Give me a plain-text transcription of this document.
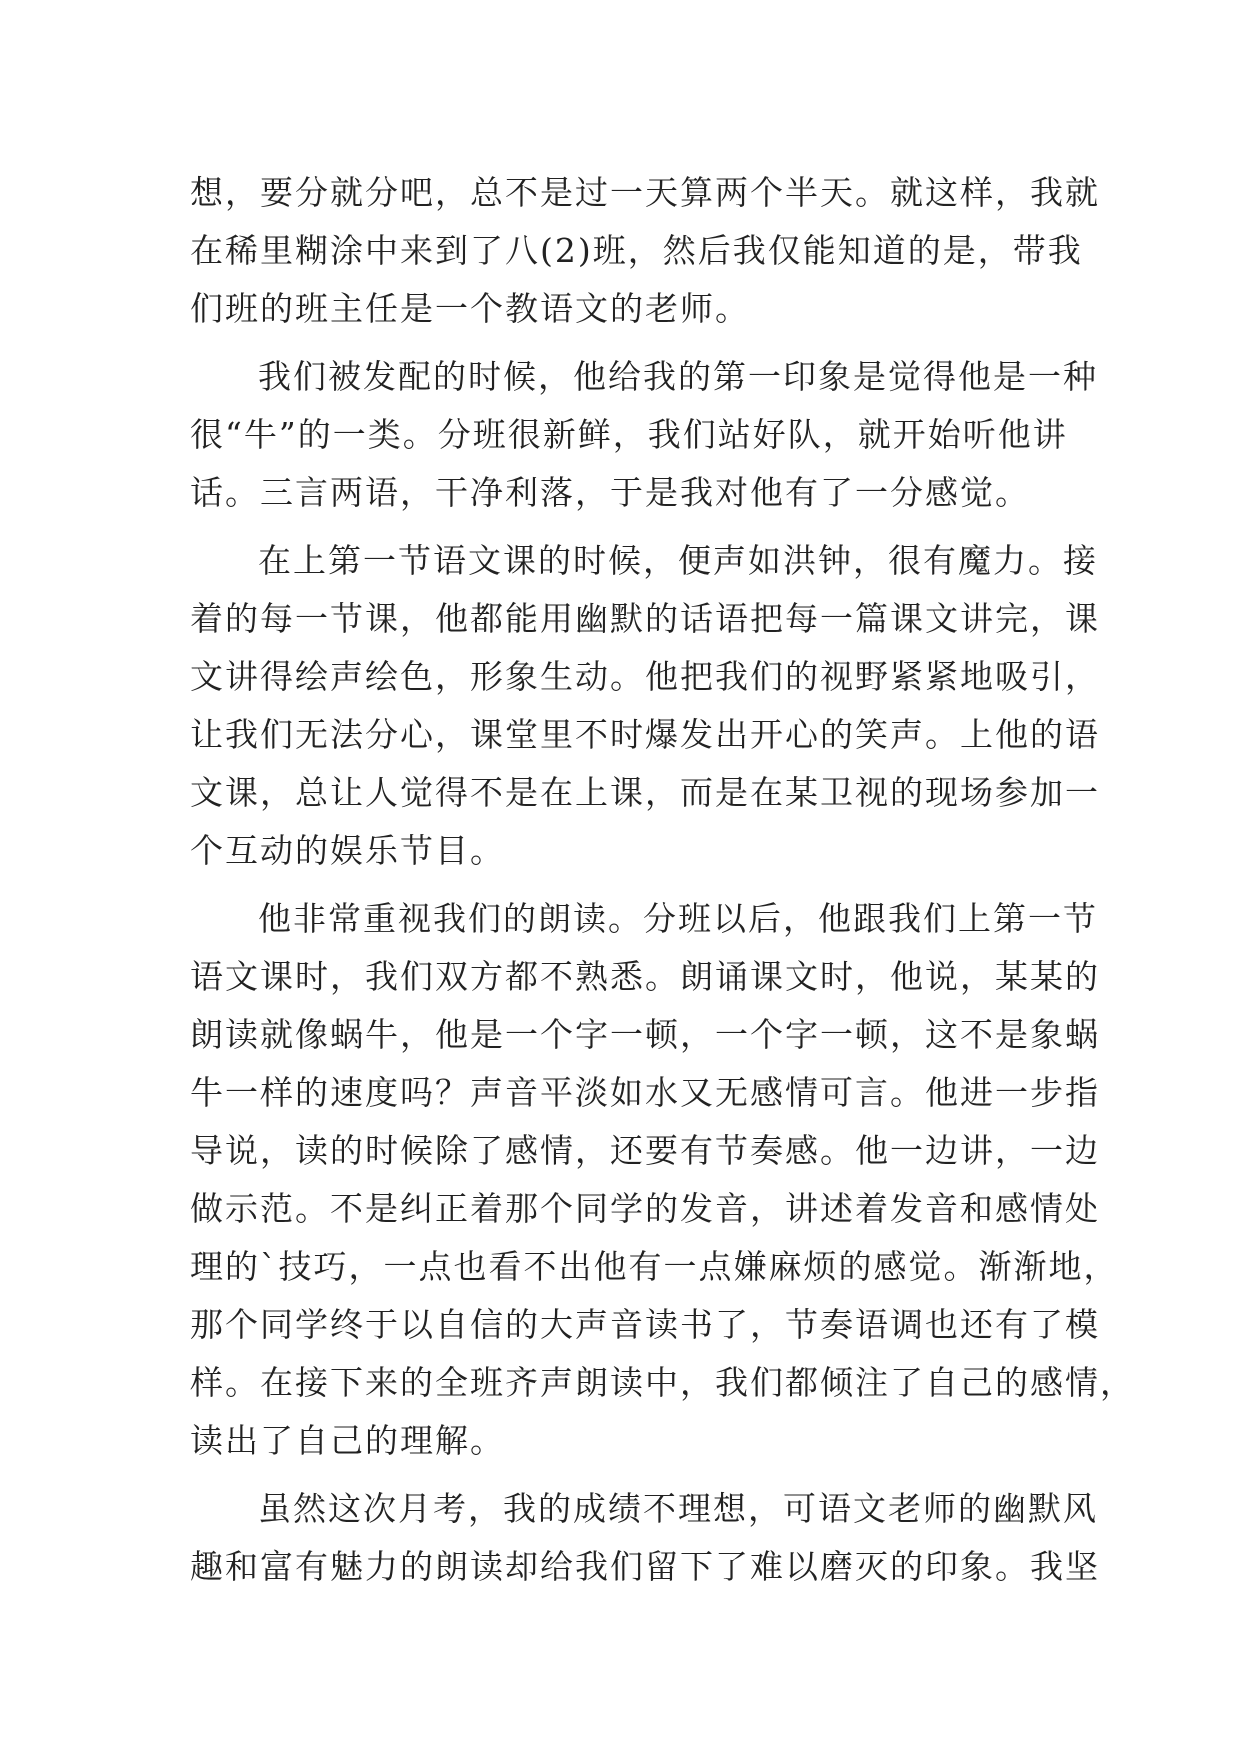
想，要分就分吧，总不是过一天算两个半天。就这样，我就
在稀里糊涂中来到了八(2)班，然后我仅能知道的是，带我
们班的班主任是一个教语文的老师。
我们被发配的时候，他给我的第一印象是觉得他是一种
很“牛”的一类。分班很新鲜，我们站好队，就开始听他讲
话。三言两语，干净利落，于是我对他有了一分感觉。
在上第一节语文课的时候，便声如洪钟，很有魔力。接
着的每一节课，他都能用幽默的话语把每一篇课文讲完，课
文讲得绘声绘色，形象生动。他把我们的视野紧紧地吸引，
让我们无法分心，课堂里不时爆发出开心的笑声。上他的语
文课，总让人觉得不是在上课，而是在某卫视的现场参加一
个互动的娱乐节目。
他非常重视我们的朗读。分班以后，他跟我们上第一节
语文课时，我们双方都不熟悉。朗诵课文时，他说，某某的
朗读就像蜗牛，他是一个字一顿，一个字一顿，这不是象蜗
牛一样的速度吗？声音平淡如水又无感情可言。他进一步指
导说，读的时候除了感情，还要有节奏感。他一边讲，一边
做示范。不是纠正着那个同学的发音，讲述着发音和感情处
理的`技巧，一点也看不出他有一点嫌麻烦的感觉。渐渐地，
那个同学终于以自信的大声音读书了，节奏语调也还有了模
样。在接下来的全班齐声朗读中，我们都倾注了自己的感情，
读出了自己的理解。
虽然这次月考，我的成绩不理想，可语文老师的幽默风
趣和富有魅力的朗读却给我们留下了难以磨灭的印象。我坚
